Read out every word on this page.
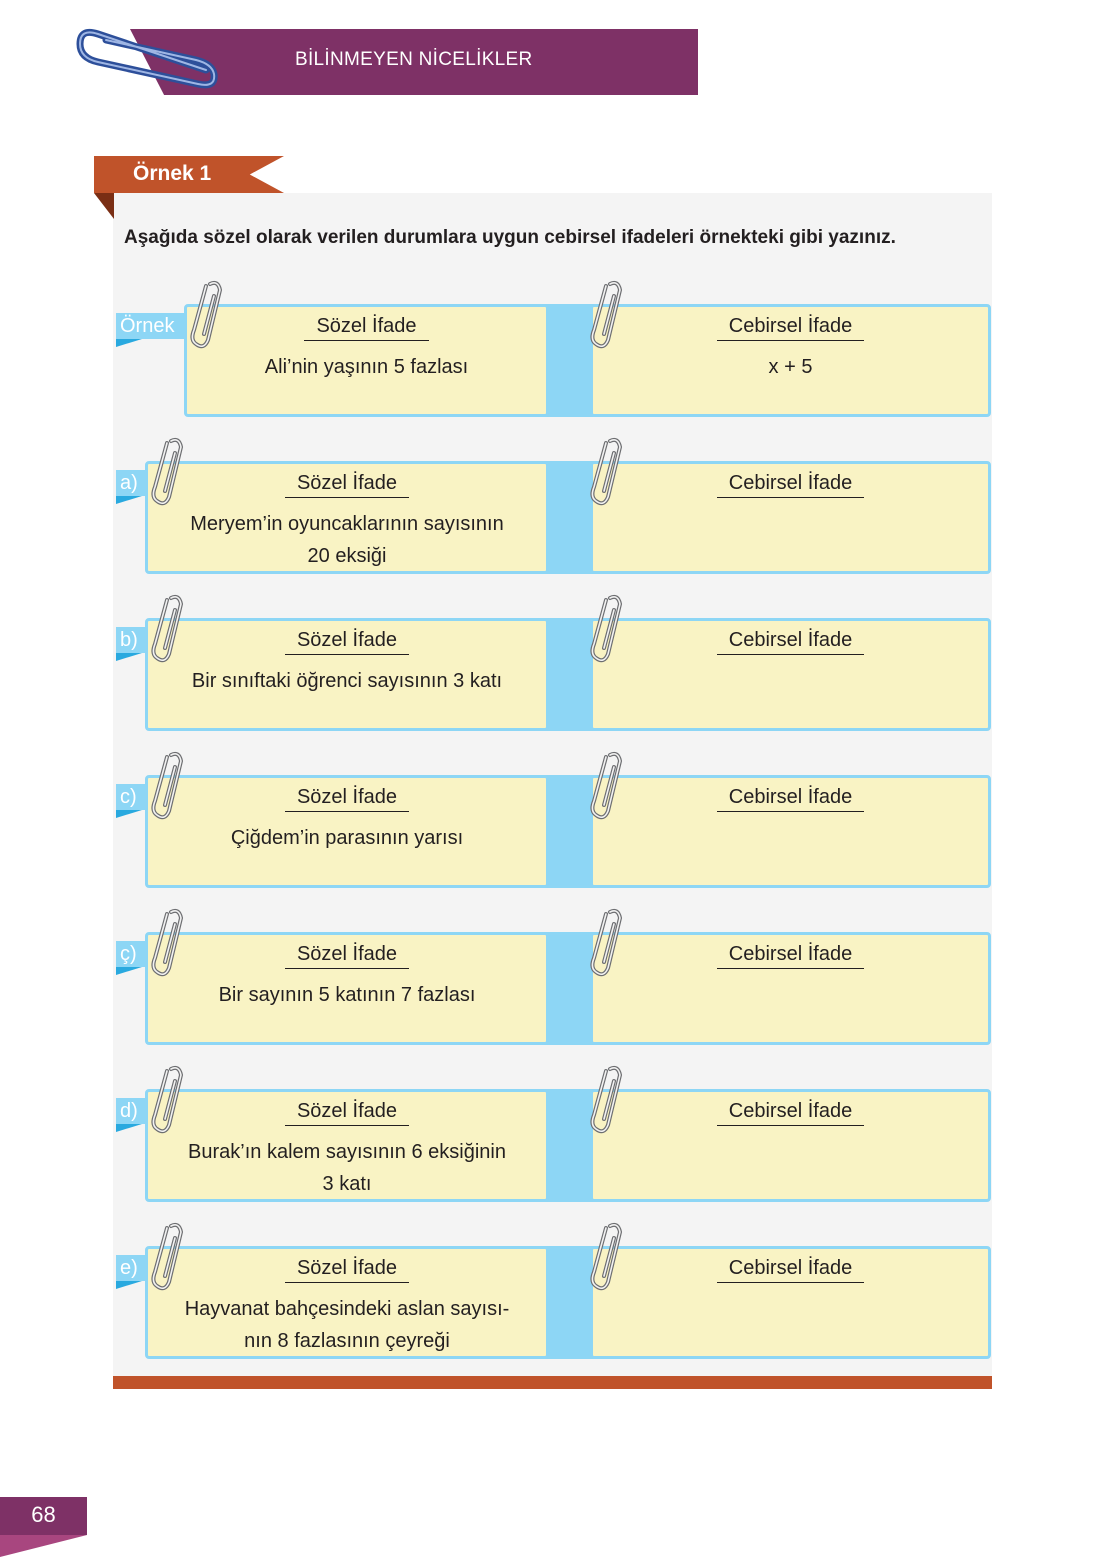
BİLİNMEYEN NİCELİKLER
Örnek 1
Aşağıda sözel olarak verilen durumlara uygun cebirsel ifadeleri örnekteki gibi yazınız.
Örnek	Sözel İfade
Ali’nin yaşının 5 fazlası
Cebirsel İfade
x + 5
a)	Sözel İfade
Meryem’in oyuncaklarının sayısının
20 eksiği
Cebirsel İfade
b)	Sözel İfade
Bir sınıftaki öğrenci sayısının 3 katı
Cebirsel İfade
c)	Sözel İfade
Çiğdem’in parasının yarısı
Cebirsel İfade
ç)	Sözel İfade
Bir sayının 5 katının 7 fazlası
Cebirsel İfade
d)	Sözel İfade
Burak’ın kalem sayısının 6 eksiğinin
3 katı
Cebirsel İfade
e)	Sözel İfade
Hayvanat bahçesindeki aslan sayısı-
nın 8 fazlasının çeyreği
Cebirsel İfade
68
